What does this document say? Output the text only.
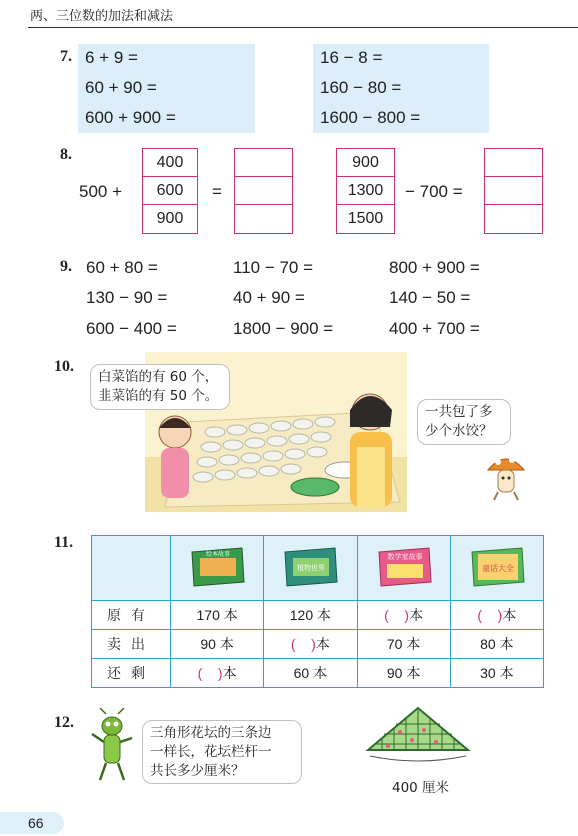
两、三位数的加法和减法
7. 6 + 9 =
60 + 90 =
600 + 900 =
16 − 8 =
160 − 80 =
1600 − 800 =
8.
500 +
400
600
900
=
900
1300
1500
− 700 =
9. 60 + 80 =	110 − 70 =	800 + 900 =
130 − 90 =	40 + 90 =	140 − 50 =
600 − 400 =	1800 − 900 =	400 + 700 =
10.
白菜馅的有 60 个，
韭菜馅的有 50 个。
一共包了多
少个水饺？
11.

绘本故事	植物世界	数学家故事	童话大全

原有	170 本	120 本	( )本	( )本
卖出	90 本	( )本	70 本	80 本
还剩	( )本	60 本	90 本	30 本
12.
三角形花坛的三条边
一样长，花坛栏杆一
共长多少厘米？
400 厘米
66
